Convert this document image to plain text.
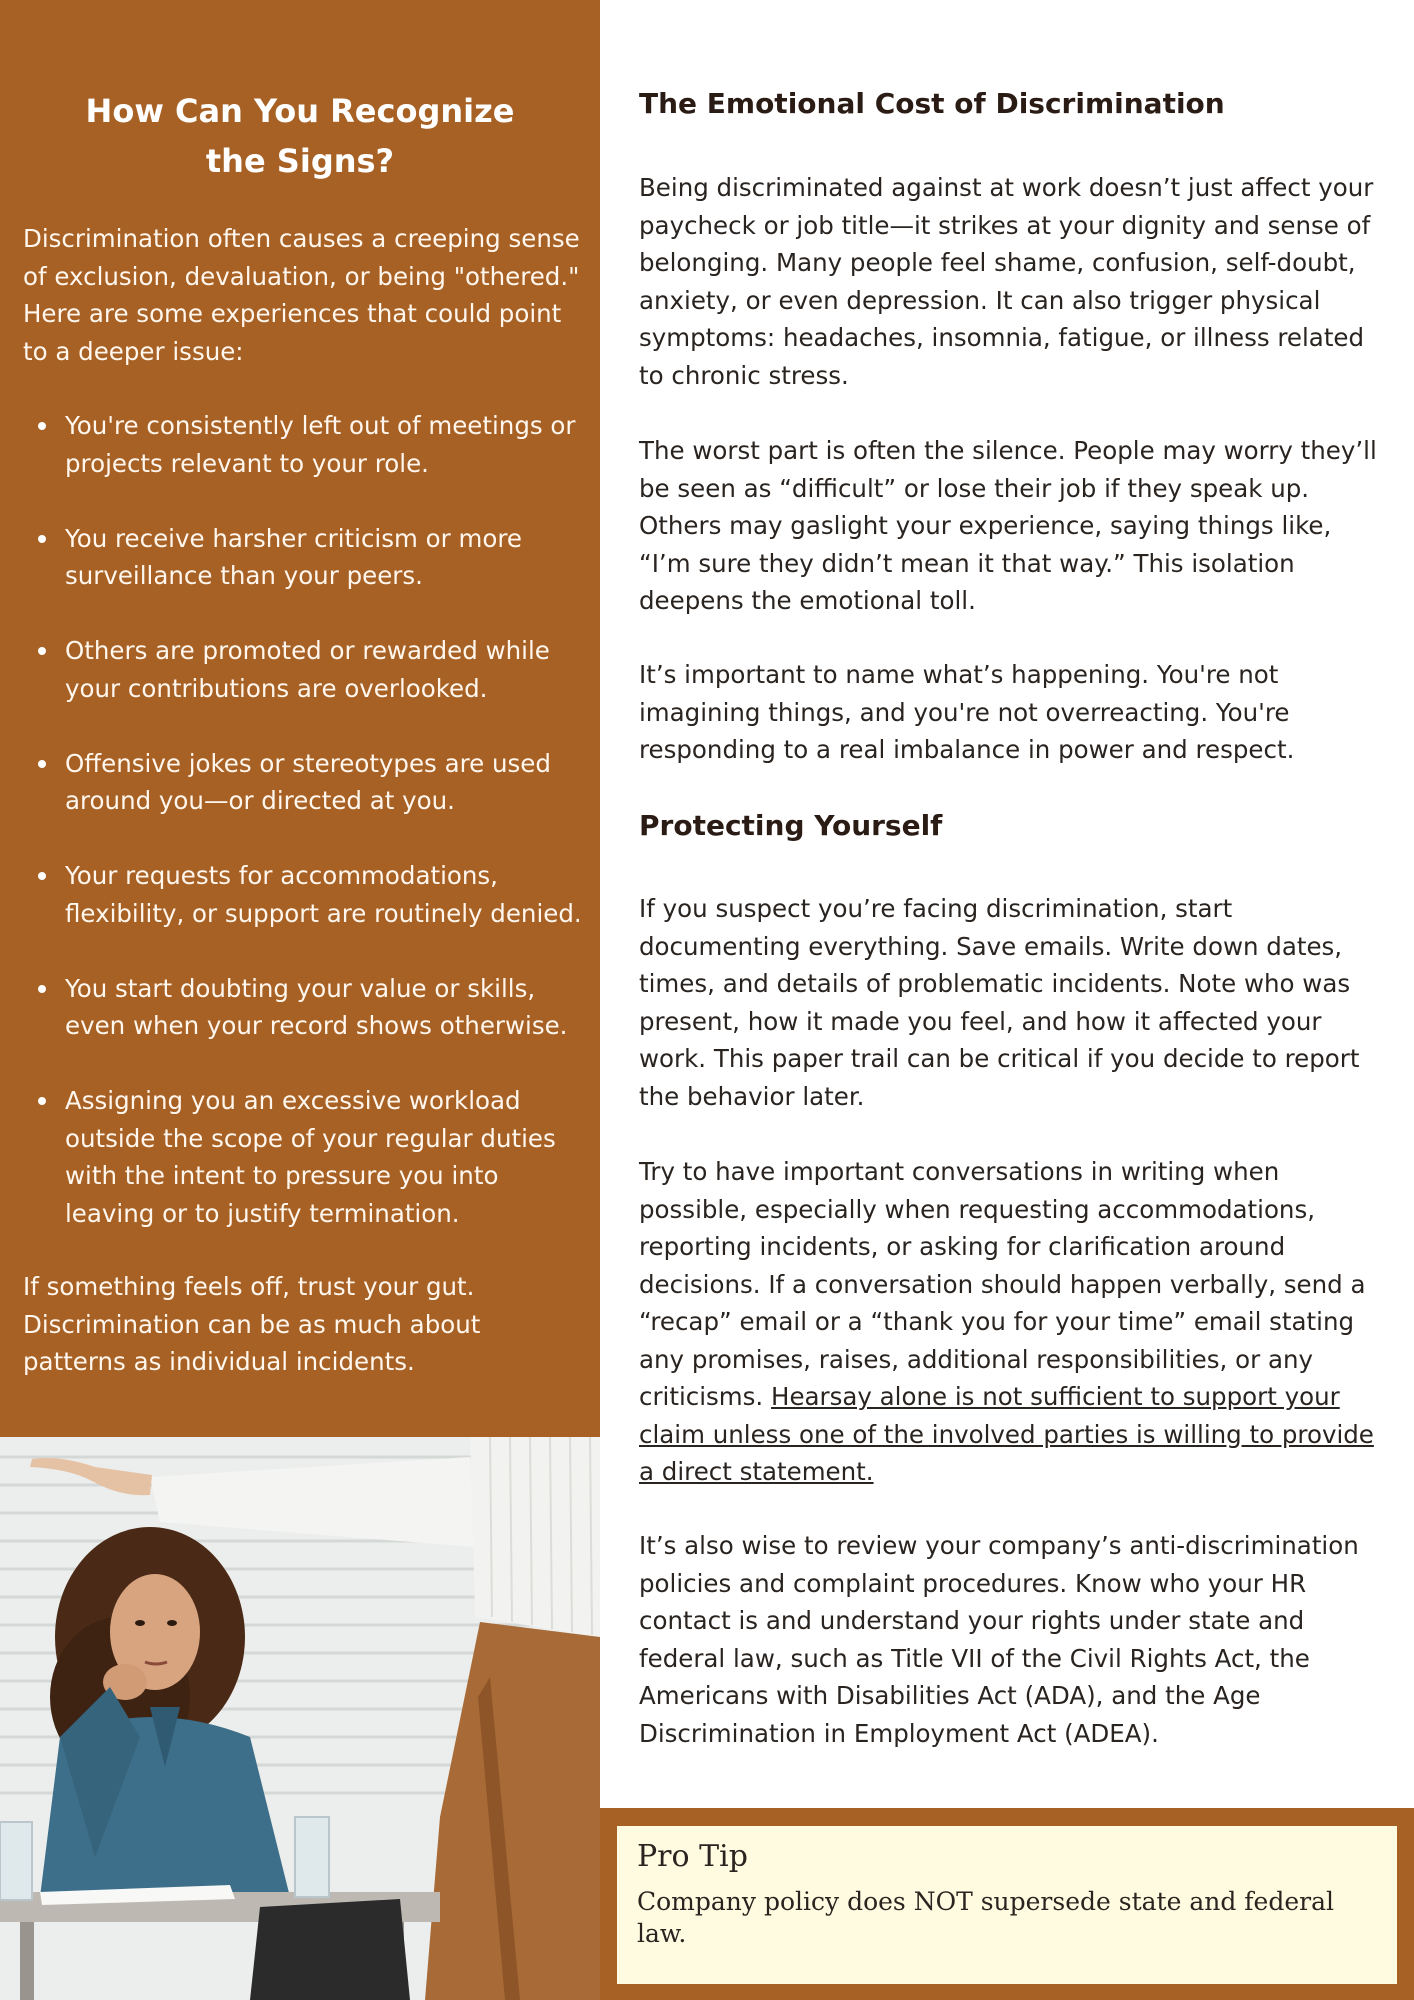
How Can You Recognize
the Signs?

Discrimination often causes a creeping sense of exclusion, devaluation, or being "othered." Here are some experiences that could point to a deeper issue:

You're consistently left out of meetings or projects relevant to your role.
You receive harsher criticism or more surveillance than your peers.
Others are promoted or rewarded while your contributions are overlooked.
Offensive jokes or stereotypes are used around you—or directed at you.
Your requests for accommodations, flexibility, or support are routinely denied.
You start doubting your value or skills, even when your record shows otherwise.
Assigning you an excessive workload outside the scope of your regular duties with the intent to pressure you into leaving or to justify termination.

If something feels off, trust your gut. Discrimination can be as much about patterns as individual incidents.

The Emotional Cost of Discrimination

Being discriminated against at work doesn’t just affect your paycheck or job title—it strikes at your dignity and sense of belonging. Many people feel shame, confusion, self-doubt, anxiety, or even depression. It can also trigger physical symptoms: headaches, insomnia, fatigue, or illness related to chronic stress.

The worst part is often the silence. People may worry they’ll be seen as “difficult” or lose their job if they speak up. Others may gaslight your experience, saying things like, “I’m sure they didn’t mean it that way.” This isolation deepens the emotional toll.

It’s important to name what’s happening. You're not imagining things, and you're not overreacting. You're responding to a real imbalance in power and respect.

Protecting Yourself

If you suspect you’re facing discrimination, start documenting everything. Save emails. Write down dates, times, and details of problematic incidents. Note who was present, how it made you feel, and how it affected your work. This paper trail can be critical if you decide to report the behavior later.

Try to have important conversations in writing when possible, especially when requesting accommodations, reporting incidents, or asking for clarification around decisions. If a conversation should happen verbally, send a “recap” email or a “thank you for your time” email stating any promises, raises, additional responsibilities, or any criticisms. Hearsay alone is not sufficient to support your claim unless one of the involved parties is willing to provide a direct statement.

It’s also wise to review your company’s anti-discrimination policies and complaint procedures. Know who your HR contact is and understand your rights under state and federal law, such as Title VII of the Civil Rights Act, the Americans with Disabilities Act (ADA), and the Age Discrimination in Employment Act (ADEA).

Pro Tip
Company policy does NOT supersede state and federal law.
